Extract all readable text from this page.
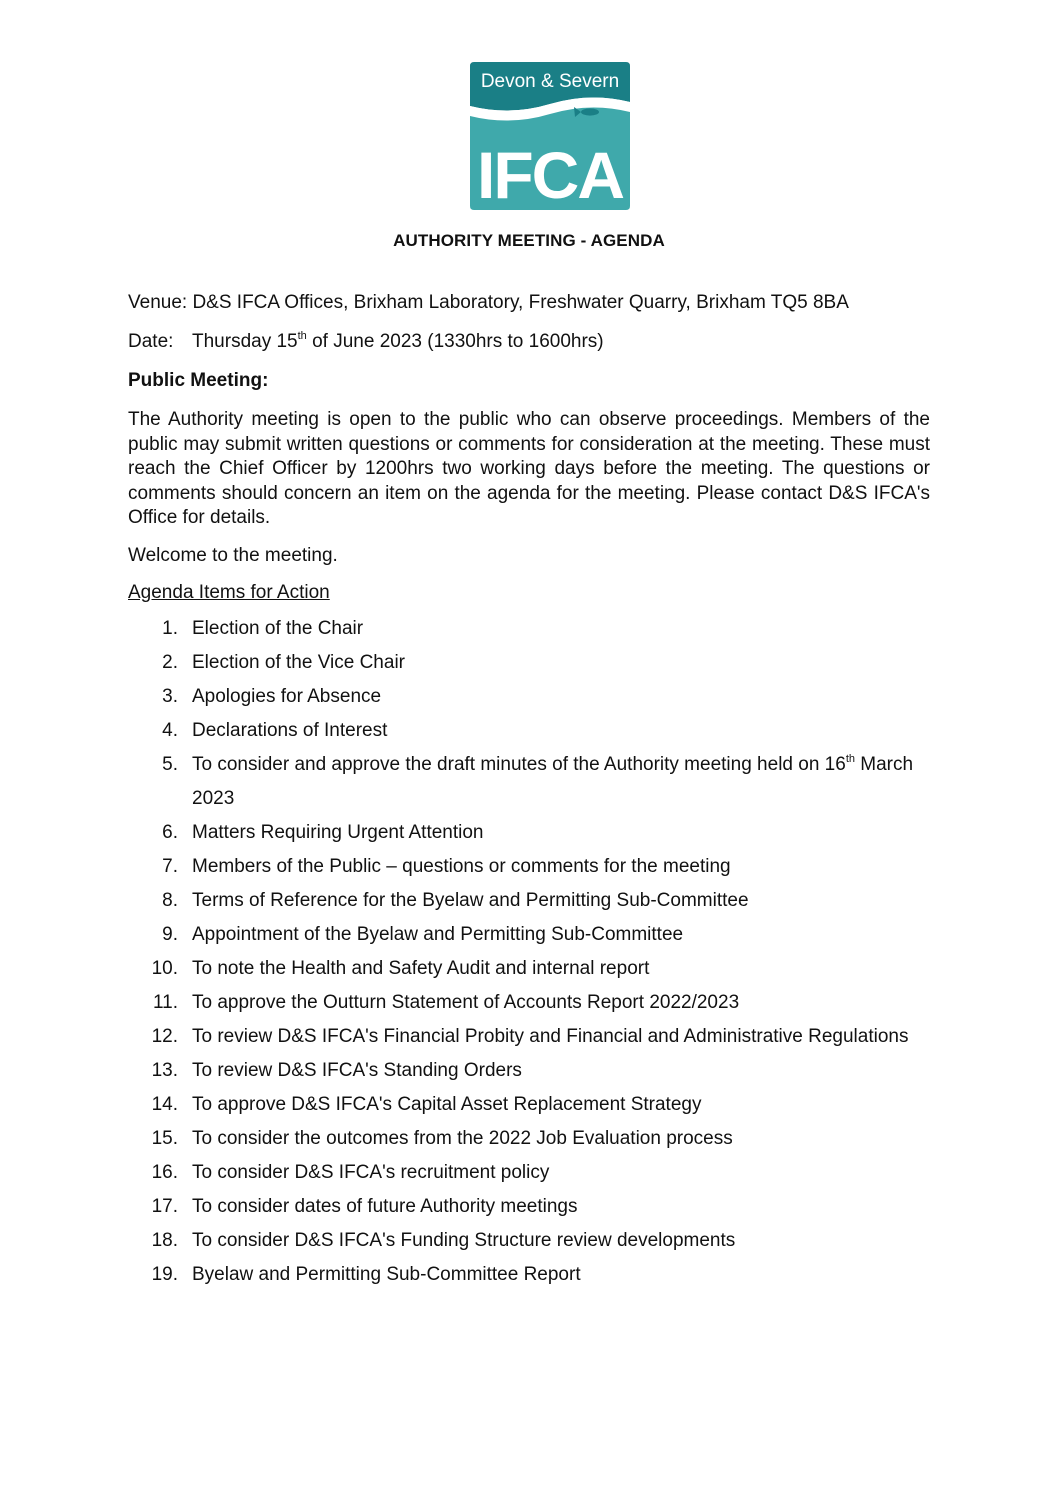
Devon & Severn
IFCA
AUTHORITY MEETING - AGENDA
Venue: D&S IFCA Offices, Brixham Laboratory, Freshwater Quarry, Brixham TQ5 8BA
Date: Thursday 15th of June 2023 (1330hrs to 1600hrs)
Public Meeting:
The Authority meeting is open to the public who can observe proceedings. Members of the public may submit written questions or comments for consideration at the meeting. These must reach the Chief Officer by 1200hrs two working days before the meeting. The questions or comments should concern an item on the agenda for the meeting. Please contact D&S IFCA's Office for details.
Welcome to the meeting.
Agenda Items for Action
1. Election of the Chair
2. Election of the Vice Chair
3. Apologies for Absence
4. Declarations of Interest
5. To consider and approve the draft minutes of the Authority meeting held on 16th March 2023
6. Matters Requiring Urgent Attention
7. Members of the Public – questions or comments for the meeting
8. Terms of Reference for the Byelaw and Permitting Sub-Committee
9. Appointment of the Byelaw and Permitting Sub-Committee
10. To note the Health and Safety Audit and internal report
11. To approve the Outturn Statement of Accounts Report 2022/2023
12. To review D&S IFCA's Financial Probity and Financial and Administrative Regulations
13. To review D&S IFCA's Standing Orders
14. To approve D&S IFCA's Capital Asset Replacement Strategy
15. To consider the outcomes from the 2022 Job Evaluation process
16. To consider D&S IFCA's recruitment policy
17. To consider dates of future Authority meetings
18. To consider D&S IFCA's Funding Structure review developments
19. Byelaw and Permitting Sub-Committee Report
